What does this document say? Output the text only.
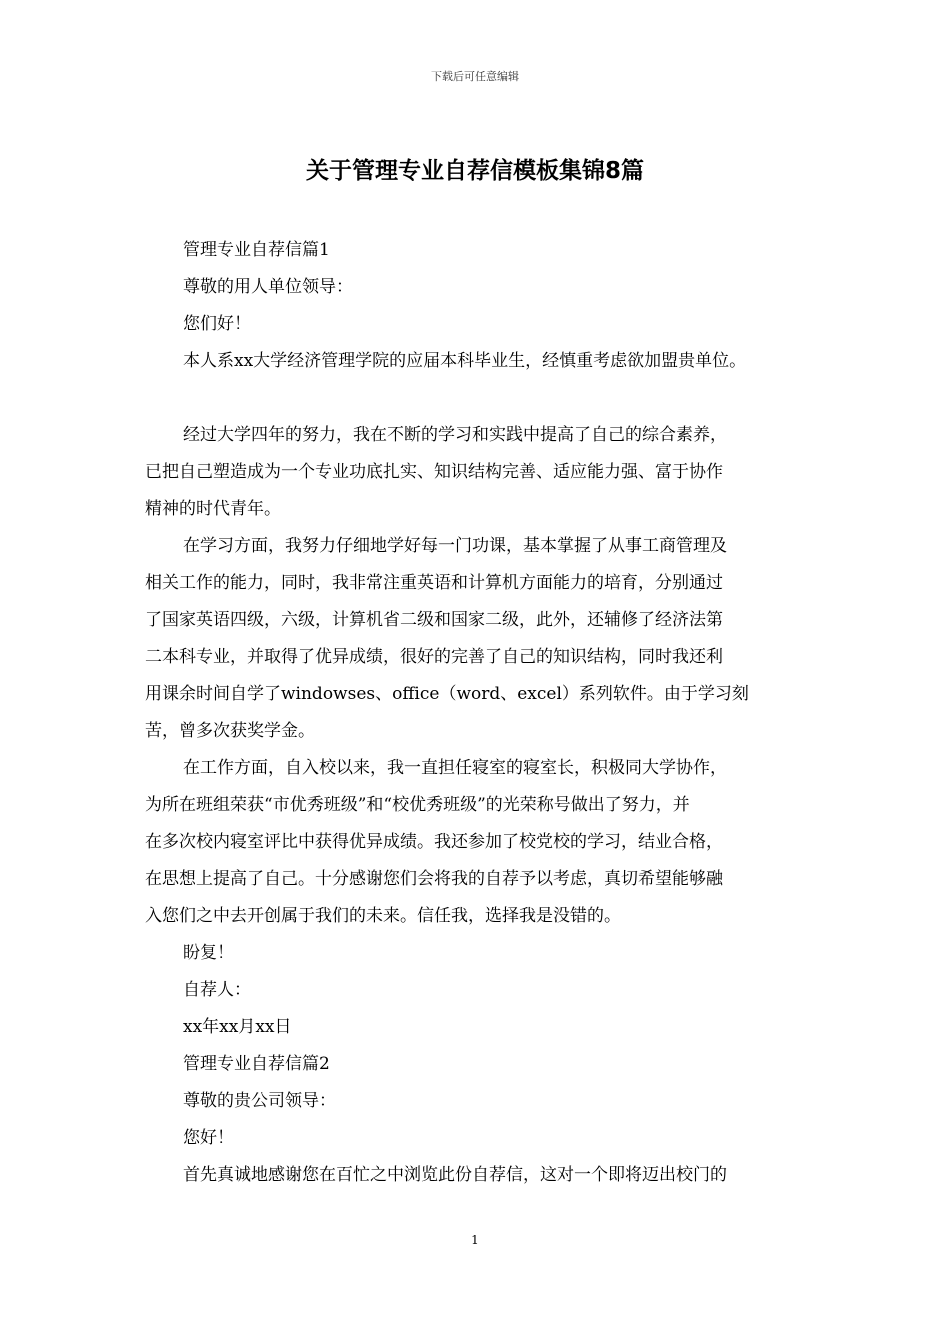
下载后可任意编辑
关于管理专业自荐信模板集锦8篇
管理专业自荐信篇1
尊敬的用人单位领导：
您们好！
本人系xx大学经济管理学院的应届本科毕业生，经慎重考虑欲加盟贵单位。
经过大学四年的努力，我在不断的学习和实践中提高了自己的综合素养，
已把自己塑造成为一个专业功底扎实、知识结构完善、适应能力强、富于协作
精神的时代青年。
在学习方面，我努力仔细地学好每一门功课，基本掌握了从事工商管理及
相关工作的能力，同时，我非常注重英语和计算机方面能力的培育，分别通过
了国家英语四级，六级，计算机省二级和国家二级，此外，还辅修了经济法第
二本科专业，并取得了优异成绩，很好的完善了自己的知识结构，同时我还利
用课余时间自学了windowses、office（word、excel）系列软件。由于学习刻
苦，曾多次获奖学金。
在工作方面，自入校以来，我一直担任寝室的寝室长，积极同大学协作，
为所在班组荣获“市优秀班级”和“校优秀班级”的光荣称号做出了努力，并
在多次校内寝室评比中获得优异成绩。我还参加了校党校的学习，结业合格，
在思想上提高了自己。十分感谢您们会将我的自荐予以考虑，真切希望能够融
入您们之中去开创属于我们的未来。信任我，选择我是没错的。
盼复！
自荐人：
xx年xx月xx日
管理专业自荐信篇2
尊敬的贵公司领导：
您好！
首先真诚地感谢您在百忙之中浏览此份自荐信，这对一个即将迈出校门的
1
